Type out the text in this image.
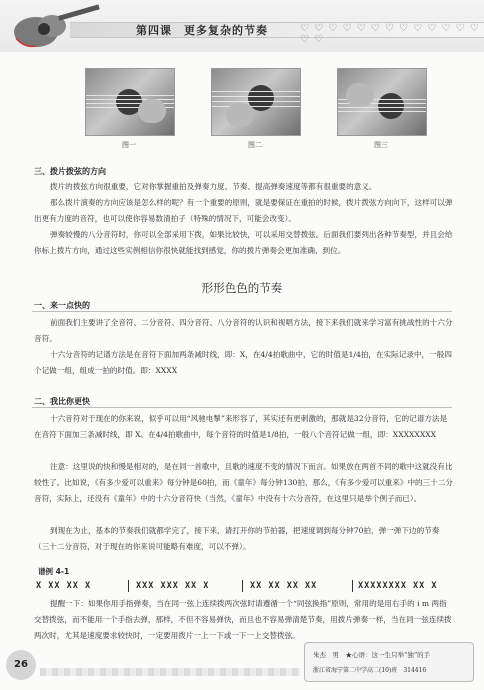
第四课　更多复杂的节奏	♡ ♡ ♡ ♡ ♡ ♡ ♡ ♡ ♡ ♡ ♡ ♡ ♡ ♡ ♡
图一	图二	图三
三、拨片拨弦的方向
拨片的拨弦方向很重要，它对你掌握重拍及弹奏力度、节奏、提高弹奏速度等都有很重要的意义。
那么拨片演奏的方向应该是怎么样的呢？有一个重要的原则，就是要保证在重拍的时候，拨片拨弦方向向下，这样可以弹出更有力度的音符，也可以使你容易数清拍子（特殊的情况下，可能会改变）。
弹奏较慢的八分音符时，你可以全部采用下拨，如果比较快，可以采用交替拨弦。后面我们要列出各种节奏型，并且会给你标上拨片方向，通过这些实例相信你很快就能找到感觉，你的拨片弹奏会更加准确、到位。
形形色色的节奏
一、来一点快的
前面我们主要讲了全音符、二分音符、四分音符、八分音符的认识和视唱方法，接下来我们就来学习富有挑战性的十六分音符。
十六分音符的记谱方法是在音符下面加两条减时线，即：X，在4/4拍歌曲中，它的时值是1/4拍，在实际记录中，一般四个记做一组，组成一拍的时值。即：XXXX
二、我比你更快
十六音符对于现在的你来说，似乎可以用“风驰电掣”来形容了，其实还有更刺激的，那就是32分音符，它的记谱方法是在音符下面加三条减时线，即 X。在4/4拍歌曲中，每个音符的时值是1/8拍，一般八个音符记做一组，即：XXXXXXXX
注意：这里说的快和慢是相对的，是在同一首歌中，且歌的速度不变的情况下而言。如果放在两首不同的歌中这就没有比较性了。比如说，《有多少爱可以重来》每分钟是60拍，而《童年》每分钟130拍，那么，《有多少爱可以重来》中的三十二分音符，实际上，还没有《童年》中的十六分音符快（当然，《童年》中没有十六分音符，在这里只是举个例子而已）。
到现在为止，基本的节奏我们就都学完了，接下来，请打开你的节拍器，把速度调到每分钟70拍，弹一弹下边的节奏（三十二分音符，对于现在的你来说可能略有难度，可以不弹）。
谱例 4-1
X XX XX X	XXX XXX XX X	XX XX XX XX	XXXXXXXX XX X
提醒一下：如果你用手指弹奏，当在同一弦上连续拨两次弦时请遵循一个“同弦换指”原则，常用的是用右手的 i m 两指交替拨弦，而不能用一个手指去弹，那样，不但不容易弹快，而且也不容易弹清楚节奏，用拨片弹奏一样，当在同一弦连续拨两次时，尤其是速度要求较快时，一定要用拨片一上一下或一下一上交替拨弦。
26
朱杰　男　★心语：这一生只举“独”的手
浙江省海宁第二中学高二(10)班　314416
